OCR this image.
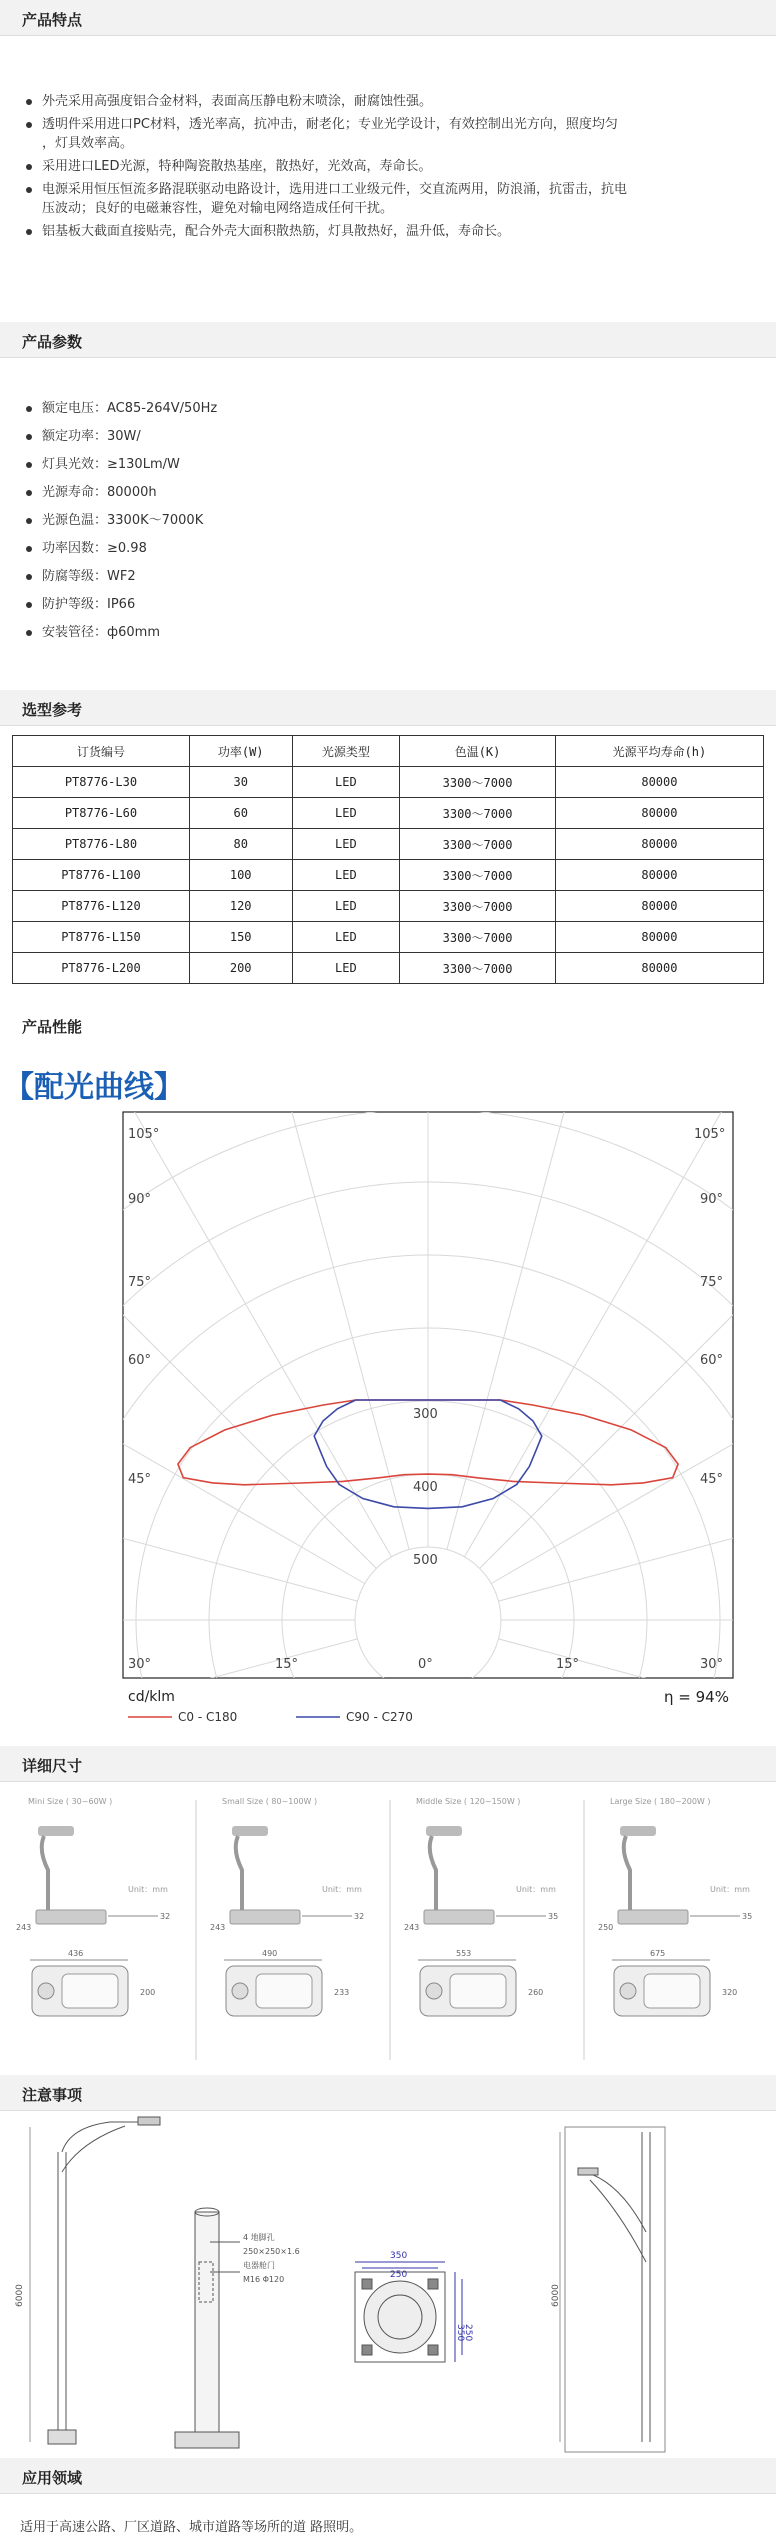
产品特点
外壳采用高强度铝合金材料，表面高压静电粉末喷涂，耐腐蚀性强。
透明件采用进口PC材料，透光率高，抗冲击，耐老化；专业光学设计，有效控制出光方向，照度均匀
，灯具效率高。
采用进口LED光源，特种陶瓷散热基座，散热好，光效高，寿命长。
电源采用恒压恒流多路混联驱动电路设计，选用进口工业级元件，交直流两用，防浪涌，抗雷击，抗电
压波动；良好的电磁兼容性，避免对输电网络造成任何干扰。
铝基板大截面直接贴壳，配合外壳大面积散热筋，灯具散热好，温升低，寿命长。
产品参数
额定电压：AC85-264V/50Hz
额定功率：30W/
灯具光效：≥130Lm/W
光源寿命：80000h
光源色温：3300K～7000K
功率因数：≥0.98
防腐等级：WF2
防护等级：IP66
安装管径：ф60mm
选型参考
订货编号	功率(W)	光源类型	色温(K)	光源平均寿命(h)
PT8776-L30	30	LED	3300～7000	80000
PT8776-L60	60	LED	3300～7000	80000
PT8776-L80	80	LED	3300～7000	80000
PT8776-L100	100	LED	3300～7000	80000
PT8776-L120	120	LED	3300～7000	80000
PT8776-L150	150	LED	3300～7000	80000
PT8776-L200	200	LED	3300～7000	80000
产品性能
【配光曲线】
105°
90°
75°
60°
45°
30°
105°
90°
75°
60°
45°
30°
15°	0°	15°
300
400
500
cd/klm
C0 - C180	C90 - C270
η = 94%
详细尺寸
Mini Size ( 30~60W )
Unit：mm
32
243
436
200
Small Size ( 80~100W )
Unit：mm
32
243
490
233
Middle Size ( 120~150W )
Unit：mm
35
243
553
260
Large Size ( 180~200W )
Unit：mm
35
250
675
320
注意事项
6000
4 地脚孔
250×250×1.6
电器舱门
M16 Φ120
350
250
350
250
6000
应用领域
适用于高速公路、厂区道路、城市道路等场所的道 路照明。
